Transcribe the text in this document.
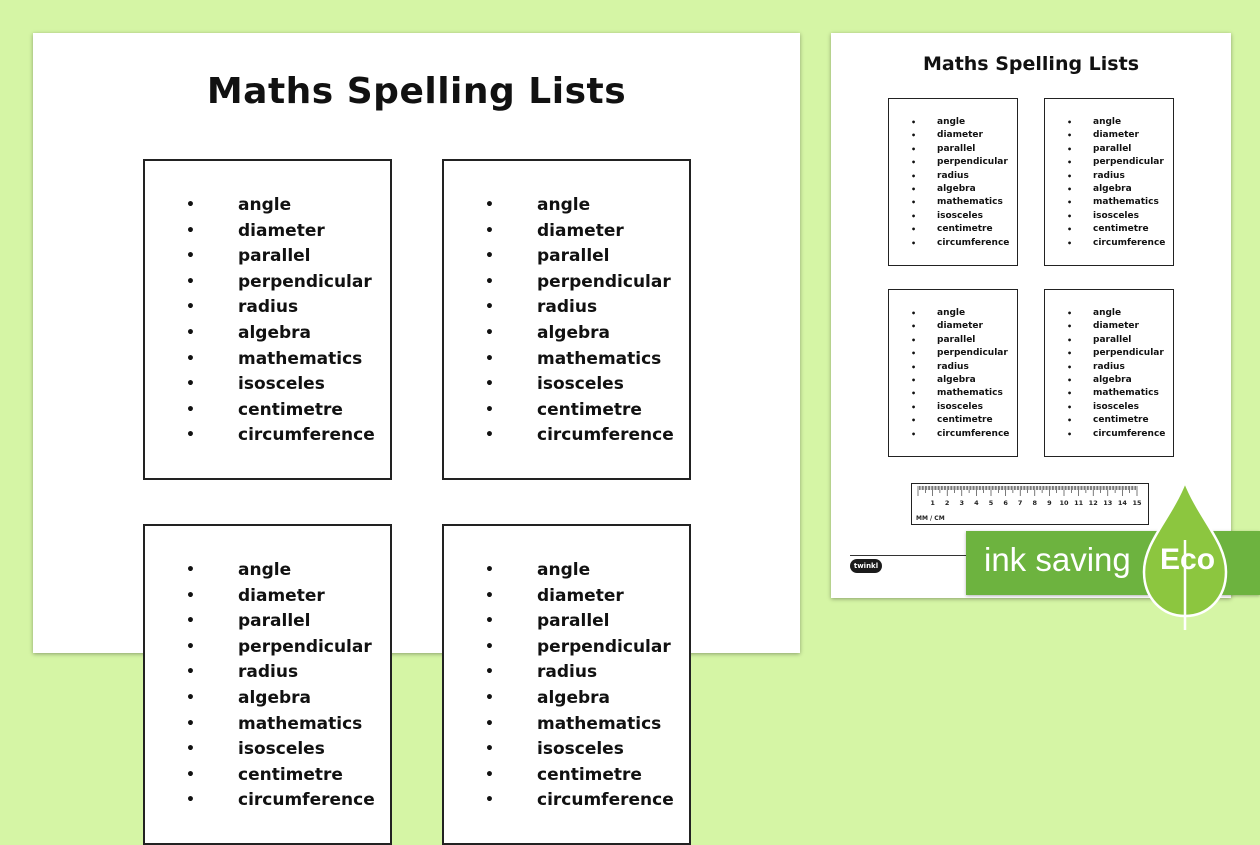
Maths Spelling Lists
•	angle
•	diameter
•	parallel
•	perpendicular
•	radius
•	algebra
•	mathematics
•	isosceles
•	centimetre
•	circumference
•	angle
•	diameter
•	parallel
•	perpendicular
•	radius
•	algebra
•	mathematics
•	isosceles
•	centimetre
•	circumference
•	angle
•	diameter
•	parallel
•	perpendicular
•	radius
•	algebra
•	mathematics
•	isosceles
•	centimetre
•	circumference
•	angle
•	diameter
•	parallel
•	perpendicular
•	radius
•	algebra
•	mathematics
•	isosceles
•	centimetre
•	circumference
Maths Spelling Lists
• angle
• diameter
• parallel
• perpendicular
• radius
• algebra
• mathematics
• isosceles
• centimetre
• circumference
• angle
• diameter
• parallel
• perpendicular
• radius
• algebra
• mathematics
• isosceles
• centimetre
• circumference
• angle
• diameter
• parallel
• perpendicular
• radius
• algebra
• mathematics
• isosceles
• centimetre
• circumference
• angle
• diameter
• parallel
• perpendicular
• radius
• algebra
• mathematics
• isosceles
• centimetre
• circumference
1 2 3 4 5 6 7 8 9 10 11 12 13 14 15
MM / CM
twinkl	ink saving Eco
